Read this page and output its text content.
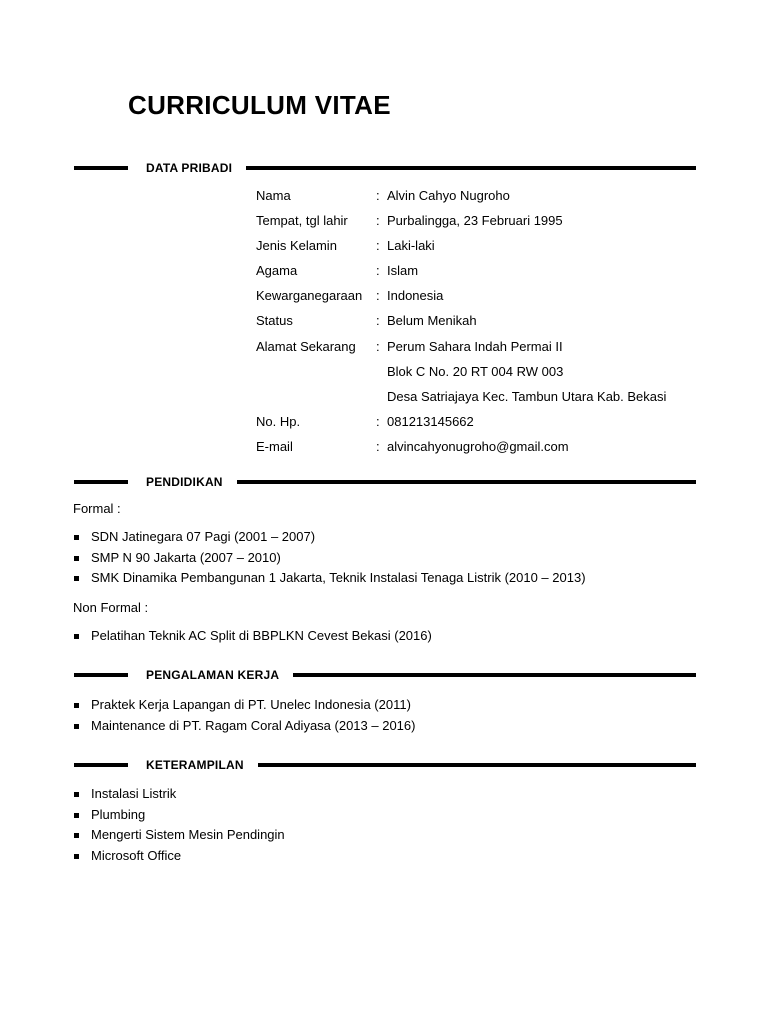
CURRICULUM VITAE
DATA PRIBADI
Nama	: Alvin Cahyo Nugroho
Tempat, tgl lahir : Purbalingga, 23 Februari 1995
Jenis Kelamin	: Laki-laki
Agama	: Islam
Kewarganegaraan : Indonesia
Status	: Belum Menikah
Alamat Sekarang : Perum Sahara Indah Permai II
Blok C No. 20 RT 004 RW 003
Desa Satriajaya Kec. Tambun Utara Kab. Bekasi
No. Hp.	: 081213145662
E-mail	: alvincahyonugroho@gmail.com
PENDIDIKAN
Formal :
SDN Jatinegara 07 Pagi (2001 – 2007)
SMP N 90 Jakarta (2007 – 2010)
SMK Dinamika Pembangunan 1 Jakarta, Teknik Instalasi Tenaga Listrik (2010 – 2013)
Non Formal :
Pelatihan Teknik AC Split di BBPLKN Cevest Bekasi (2016)
PENGALAMAN KERJA
Praktek Kerja Lapangan di PT. Unelec Indonesia (2011)
Maintenance di PT. Ragam Coral Adiyasa (2013 – 2016)
KETERAMPILAN
Instalasi Listrik
Plumbing
Mengerti Sistem Mesin Pendingin
Microsoft Office
